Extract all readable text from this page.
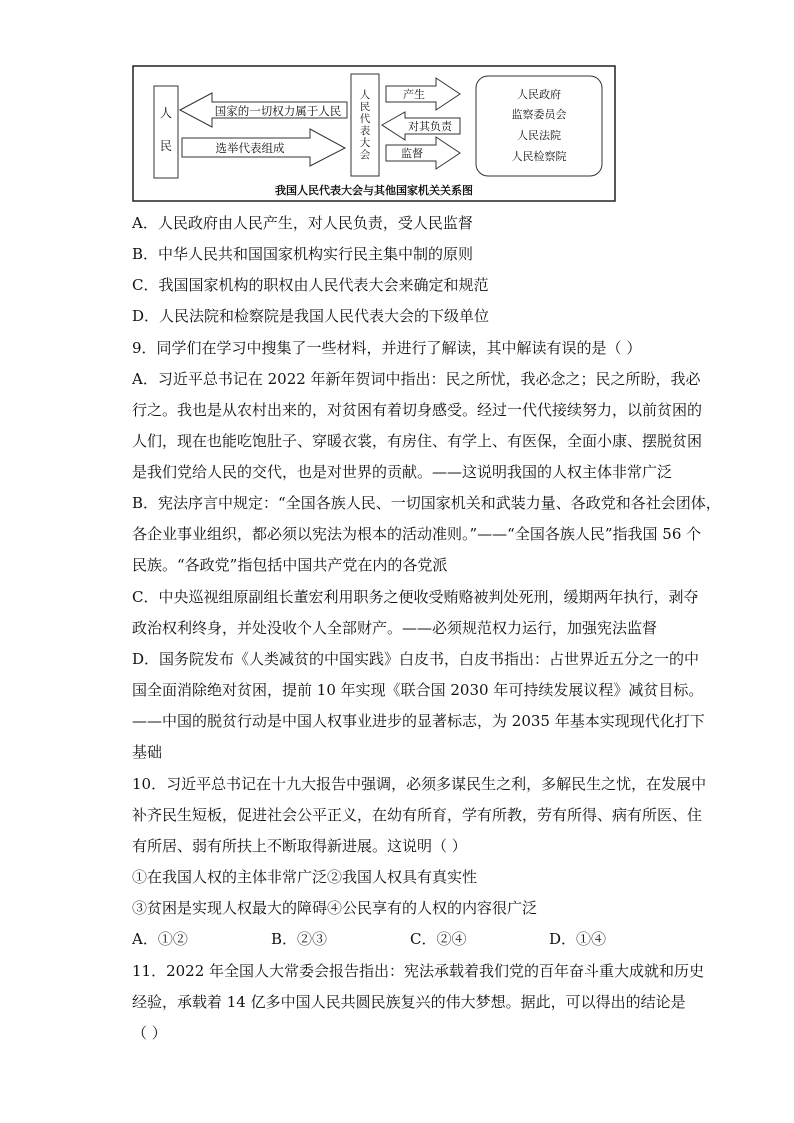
人
民
国家的一切权力属于人民
选举代表组成
人
民
代
表
大
会
产生
对其负责
监督
人民政府
监察委员会
人民法院
人民检察院
我国人民代表大会与其他国家机关关系图
A．人民政府由人民产生，对人民负责，受人民监督
B．中华人民共和国国家机构实行民主集中制的原则
C．我国国家机构的职权由人民代表大会来确定和规范
D．人民法院和检察院是我国人民代表大会的下级单位
9．同学们在学习中搜集了一些材料，并进行了解读，其中解读有误的是（ ）
A．习近平总书记在 2022 年新年贺词中指出：民之所忧，我必念之；民之所盼，我必
行之。我也是从农村出来的，对贫困有着切身感受。经过一代代接续努力，以前贫困的
人们，现在也能吃饱肚子、穿暖衣裳，有房住、有学上、有医保，全面小康、摆脱贫困
是我们党给人民的交代，也是对世界的贡献。——这说明我国的人权主体非常广泛
B．宪法序言中规定：“全国各族人民、一切国家机关和武装力量、各政党和各社会团体，
各企业事业组织，都必须以宪法为根本的活动准则。”——“全国各族人民”指我国 56 个
民族。“各政党”指包括中国共产党在内的各党派
C．中央巡视组原副组长董宏利用职务之便收受贿赂被判处死刑，缓期两年执行，剥夺
政治权利终身，并处没收个人全部财产。——必须规范权力运行，加强宪法监督
D．国务院发布《人类减贫的中国实践》白皮书，白皮书指出：占世界近五分之一的中
国全面消除绝对贫困，提前 10 年实现《联合国 2030 年可持续发展议程》减贫目标。
——中国的脱贫行动是中国人权事业进步的显著标志，为 2035 年基本实现现代化打下
基础
10．习近平总书记在十九大报告中强调，必须多谋民生之利，多解民生之忧，在发展中
补齐民生短板，促进社会公平正义，在幼有所育，学有所教，劳有所得、病有所医、住
有所居、弱有所扶上不断取得新进展。这说明（ ）
①在我国人权的主体非常广泛②我国人权具有真实性
③贫困是实现人权最大的障碍④公民享有的人权的内容很广泛
A．①②	B．②③	C．②④	D．①④
11．2022 年全国人大常委会报告指出：宪法承载着我们党的百年奋斗重大成就和历史
经验，承载着 14 亿多中国人民共圆民族复兴的伟大梦想。据此，可以得出的结论是
（ ）
